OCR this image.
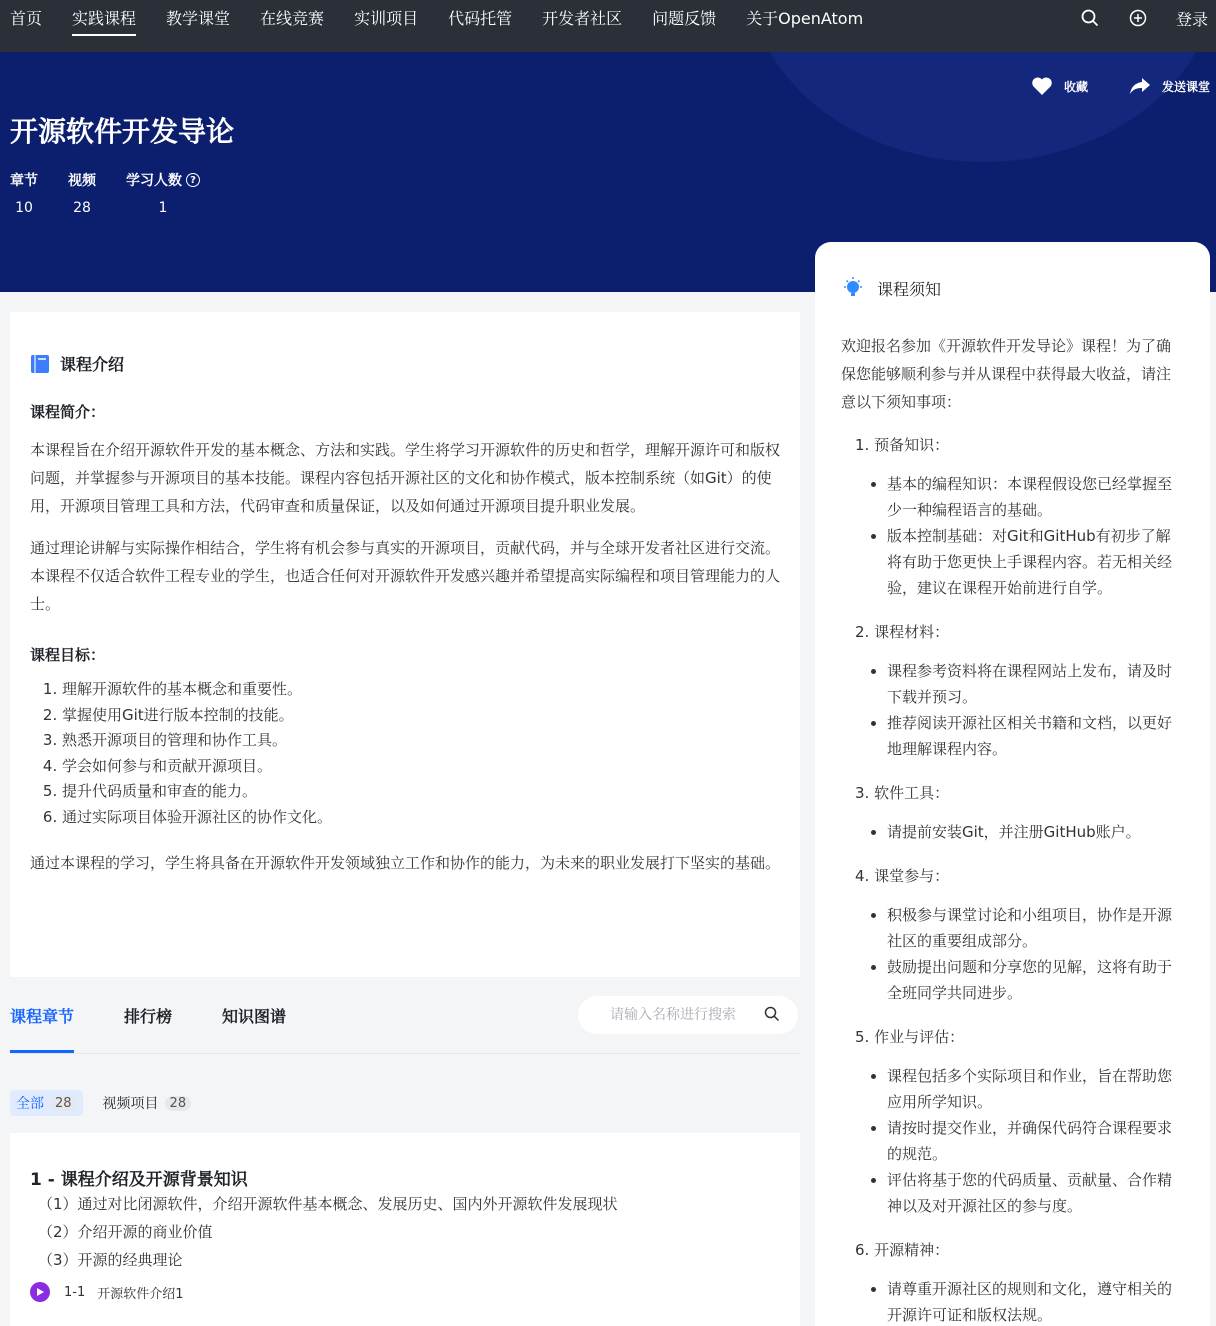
首页 实践课程 教学课堂 在线竞赛 实训项目 代码托管 开发者社区 问题反馈 关于OpenAtom	登录
开源软件开发导论
章节
10
视频
28
学习人数 ?
1
收藏	发送课堂
课程介绍
课程简介：

本课程旨在介绍开源软件开发的基本概念、方法和实践。学生将学习开源软件的历史和哲学，理解开源许可和版权问题，并掌握参与开源项目的基本技能。课程内容包括开源社区的文化和协作模式，版本控制系统（如Git）的使用，开源项目管理工具和方法，代码审查和质量保证，以及如何通过开源项目提升职业发展。

通过理论讲解与实际操作相结合，学生将有机会参与真实的开源项目，贡献代码，并与全球开发者社区进行交流。本课程不仅适合软件工程专业的学生，也适合任何对开源软件开发感兴趣并希望提高实际编程和项目管理能力的人士。

课程目标：
1. 理解开源软件的基本概念和重要性。
2. 掌握使用Git进行版本控制的技能。
3. 熟悉开源项目的管理和协作工具。
4. 学会如何参与和贡献开源项目。
5. 提升代码质量和审查的能力。
6. 通过实际项目体验开源社区的协作文化。

通过本课程的学习，学生将具备在开源软件开发领域独立工作和协作的能力，为未来的职业发展打下坚实的基础。

课程章节	排行榜	知识图谱
请输入名称进行搜索
全部 28	视频项目 28
1 - 课程介绍及开源背景知识
（1）通过对比闭源软件，介绍开源软件基本概念、发展历史、国内外开源软件发展现状
（2）介绍开源的商业价值
（3）开源的经典理论
1-1 开源软件介绍1
课程须知

欢迎报名参加《开源软件开发导论》课程！为了确保您能够顺利参与并从课程中获得最大收益，请注意以下须知事项：

1. 预备知识：
• 基本的编程知识：本课程假设您已经掌握至少一种编程语言的基础。
• 版本控制基础：对Git和GitHub有初步了解将有助于您更快上手课程内容。若无相关经验，建议在课程开始前进行自学。
2. 课程材料：
• 课程参考资料将在课程网站上发布，请及时下载并预习。
• 推荐阅读开源社区相关书籍和文档，以更好地理解课程内容。
3. 软件工具：
• 请提前安装Git，并注册GitHub账户。
4. 课堂参与：
• 积极参与课堂讨论和小组项目，协作是开源社区的重要组成部分。
• 鼓励提出问题和分享您的见解，这将有助于全班同学共同进步。
5. 作业与评估：
• 课程包括多个实际项目和作业，旨在帮助您应用所学知识。
• 请按时提交作业，并确保代码符合课程要求的规范。
• 评估将基于您的代码质量、贡献量、合作精神以及对开源社区的参与度。
6. 开源精神：
• 请尊重开源社区的规则和文化，遵守相关的开源许可证和版权法规。
